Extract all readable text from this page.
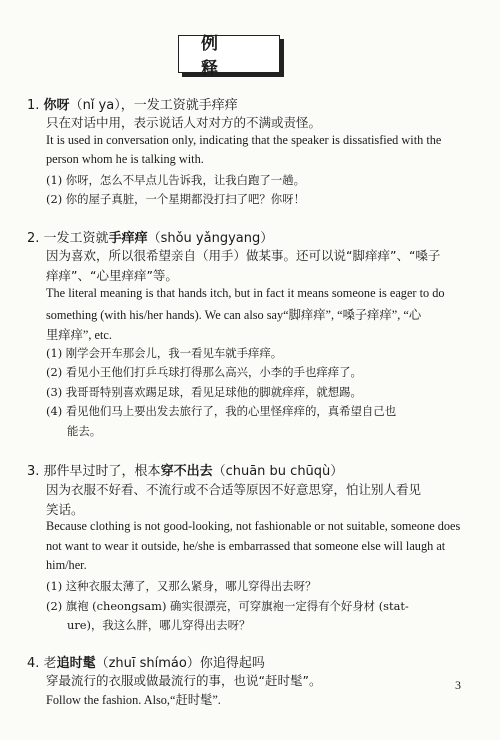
例 释
1. 你呀（nǐ ya），一发工资就手痒痒
只在对话中用，表示说话人对对方的不满或责怪。
It is used in conversation only, indicating that the speaker is dissatisfied with the
person whom he is talking with.
(1) 你呀，怎么不早点儿告诉我，让我白跑了一趟。
(2) 你的屋子真脏，一个星期都没打扫了吧？你呀！
2. 一发工资就手痒痒（shǒu yǎngyang）
因为喜欢，所以很希望亲自（用手）做某事。还可以说“脚痒痒”、“嗓子
痒痒”、“心里痒痒”等。
The literal meaning is that hands itch, but in fact it means someone is eager to do
something (with his/her hands). We can also say“脚痒痒”, “嗓子痒痒”, “心
里痒痒”, etc.
(1) 刚学会开车那会儿，我一看见车就手痒痒。
(2) 看见小王他们打乒乓球打得那么高兴，小李的手也痒痒了。
(3) 我哥哥特别喜欢踢足球，看见足球他的脚就痒痒，就想踢。
(4) 看见他们马上要出发去旅行了，我的心里怪痒痒的，真希望自己也
能去。
3. 那件早过时了，根本穿不出去（chuān bu chūqù）
因为衣服不好看、不流行或不合适等原因不好意思穿，怕让别人看见
笑话。
Because clothing is not good-looking, not fashionable or not suitable, someone does
not want to wear it outside, he/she is embarrassed that someone else will laugh at
him/her.
(1) 这种衣服太薄了，又那么紧身，哪儿穿得出去呀？
(2) 旗袍 (cheongsam) 确实很漂亮，可穿旗袍一定得有个好身材 (stat-
ure)，我这么胖，哪儿穿得出去呀？
4. 老追时髦（zhuī shímáo）你追得起吗
穿最流行的衣服或做最流行的事，也说“赶时髦”。
Follow the fashion. Also,“赶时髦”.
3
